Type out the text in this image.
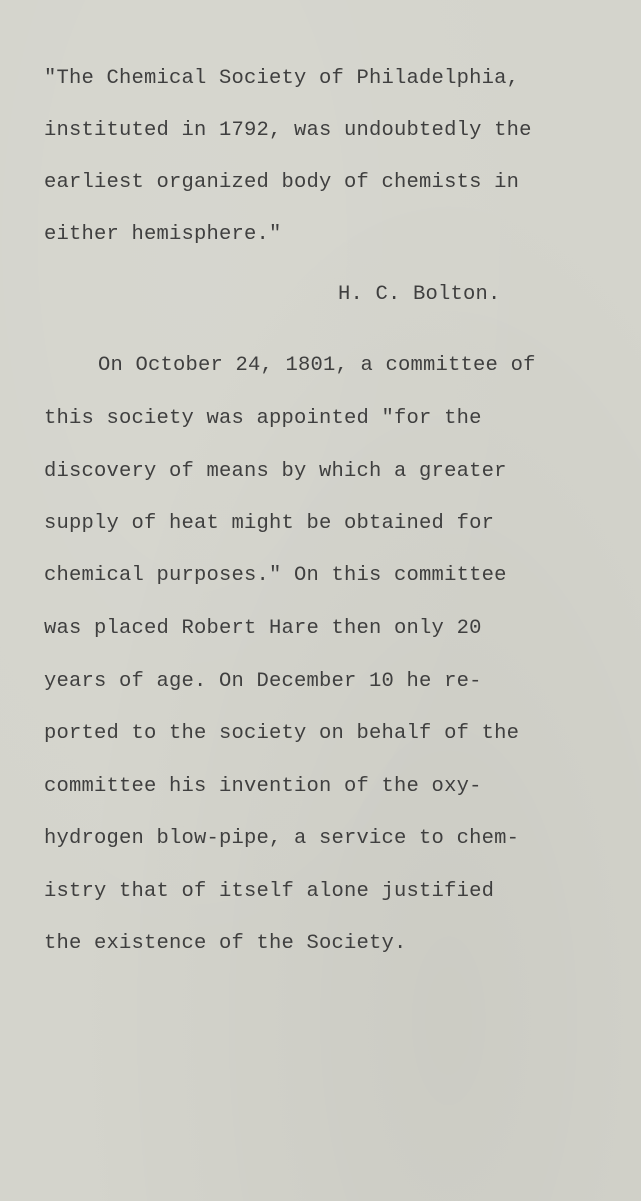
"The Chemical Society of Philadelphia,
instituted in 1792, was undoubtedly the
earliest organized body of chemists in
either hemisphere."
H. C. Bolton.
On October 24, 1801, a committee of
this society was appointed "for the
discovery of means by which a greater
supply of heat might be obtained for
chemical purposes." On this committee
was placed Robert Hare then only 20
years of age. On December 10 he re-
ported to the society on behalf of the
committee his invention of the oxy-
hydrogen blow-pipe, a service to chem-
istry that of itself alone justified
the existence of the Society.
